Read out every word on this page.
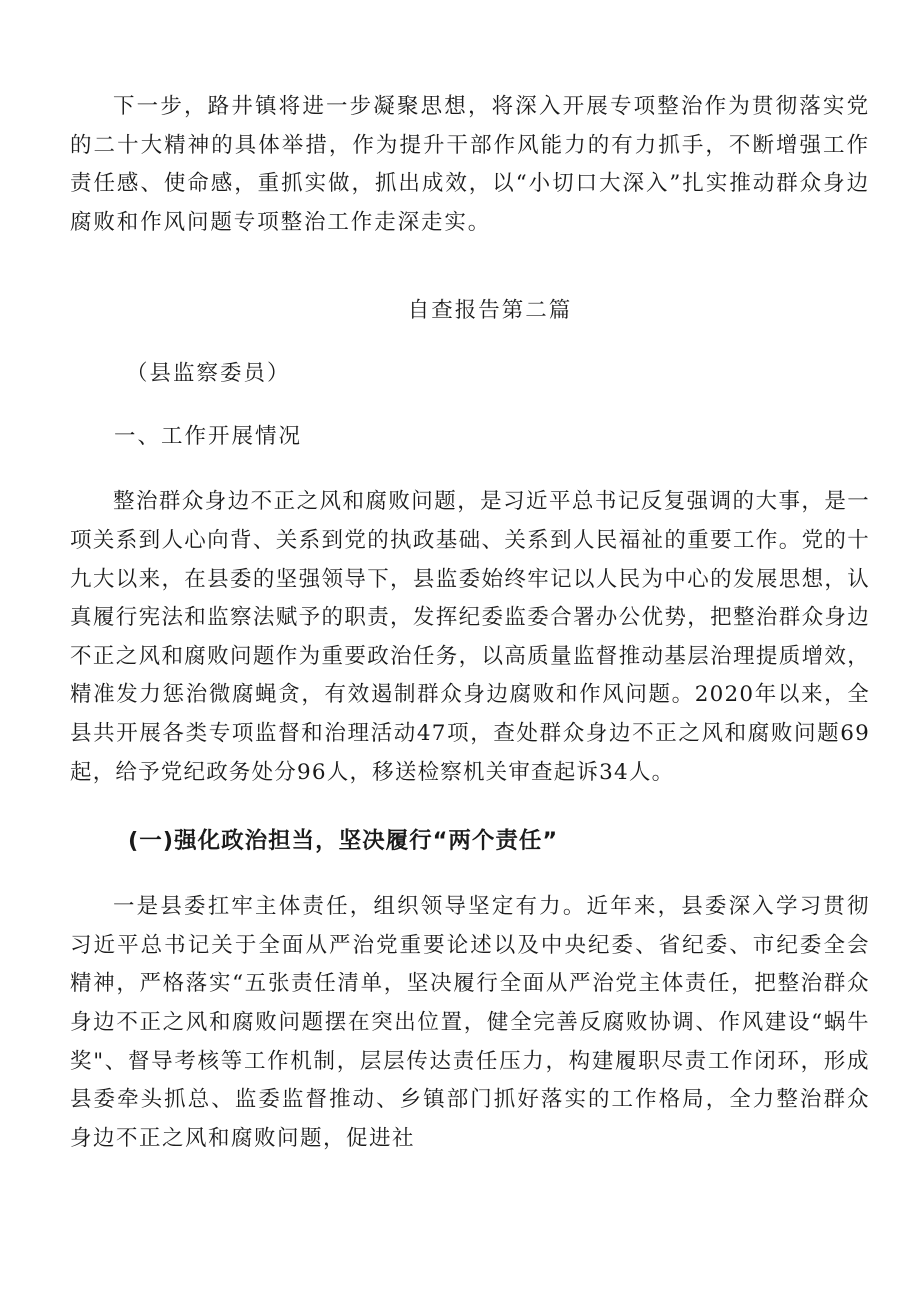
下一步，路井镇将进一步凝聚思想，将深入开展专项整治作为贯彻落实党的二十大精神的具体举措，作为提升干部作风能力的有力抓手，不断增强工作责任感、使命感，重抓实做，抓出成效，以“小切口大深入”扎实推动群众身边腐败和作风问题专项整治工作走深走实。

自查报告第二篇
（县监察委员）
一、工作开展情况

整治群众身边不正之风和腐败问题，是习近平总书记反复强调的大事，是一项关系到人心向背、关系到党的执政基础、关系到人民福祉的重要工作。党的十九大以来，在县委的坚强领导下，县监委始终牢记以人民为中心的发展思想，认真履行宪法和监察法赋予的职责，发挥纪委监委合署办公优势，把整治群众身边不正之风和腐败问题作为重要政治任务，以高质量监督推动基层治理提质增效，精准发力惩治微腐蝇贪，有效遏制群众身边腐败和作风问题。2020年以来，全县共开展各类专项监督和治理活动47项，查处群众身边不正之风和腐败问题69起，给予党纪政务处分96人，移送检察机关审查起诉34人。

(一)强化政治担当，坚决履行“两个责任”

一是县委扛牢主体责任，组织领导坚定有力。近年来，县委深入学习贯彻习近平总书记关于全面从严治党重要论述以及中央纪委、省纪委、市纪委全会精神，严格落实“五张责任清单，坚决履行全面从严治党主体责任，把整治群众身边不正之风和腐败问题摆在突出位置，健全完善反腐败协调、作风建设“蜗牛奖"、督导考核等工作机制，层层传达责任压力，构建履职尽责工作闭环，形成县委牵头抓总、监委监督推动、乡镇部门抓好落实的工作格局，全力整治群众身边不正之风和腐败问题，促进社
